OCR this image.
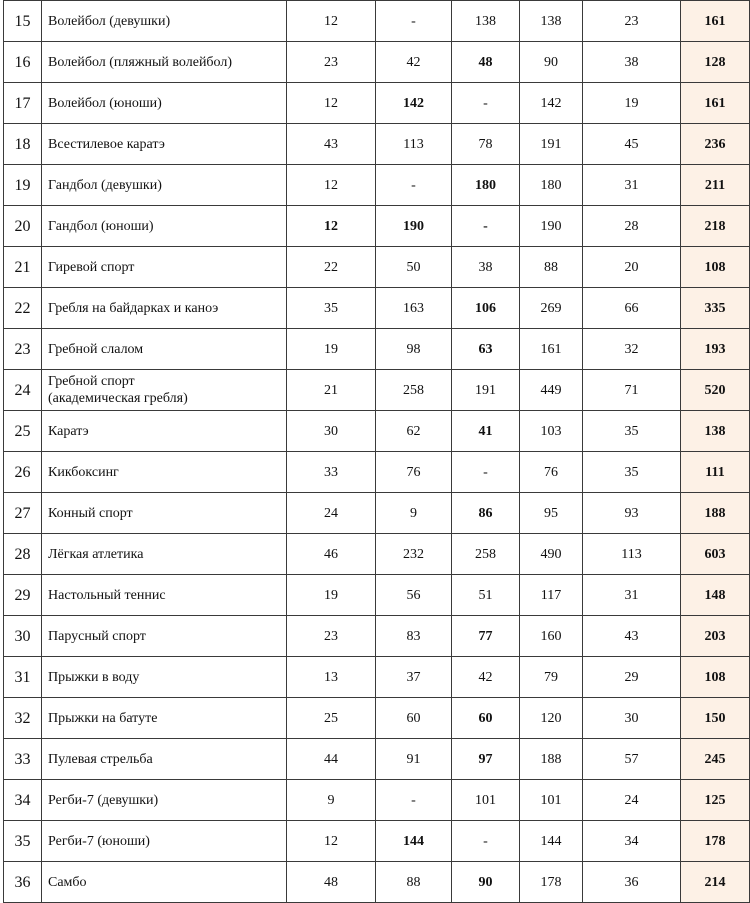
15	Волейбол (девушки)	12	-	138	138	23	161
16	Волейбол (пляжный волейбол)	23	42	48	90	38	128
17	Волейбол (юноши)	12	142	-	142	19	161
18	Всестилевое каратэ	43	113	78	191	45	236
19	Гандбол (девушки)	12	-	180	180	31	211
20	Гандбол (юноши)	12	190	-	190	28	218
21	Гиревой спорт	22	50	38	88	20	108
22	Гребля на байдарках и каноэ	35	163	106	269	66	335
23	Гребной слалом	19	98	63	161	32	193
24	Гребной спорт
(академическая гребля)	21	258	191	449	71	520
25	Каратэ	30	62	41	103	35	138
26	Кикбоксинг	33	76	-	76	35	111
27	Конный спорт	24	9	86	95	93	188
28	Лёгкая атлетика	46	232	258	490	113	603
29	Настольный теннис	19	56	51	117	31	148
30	Парусный спорт	23	83	77	160	43	203
31	Прыжки в воду	13	37	42	79	29	108
32	Прыжки на батуте	25	60	60	120	30	150
33	Пулевая стрельба	44	91	97	188	57	245
34	Регби-7 (девушки)	9	-	101	101	24	125
35	Регби-7 (юноши)	12	144	-	144	34	178
36	Самбо	48	88	90	178	36	214
